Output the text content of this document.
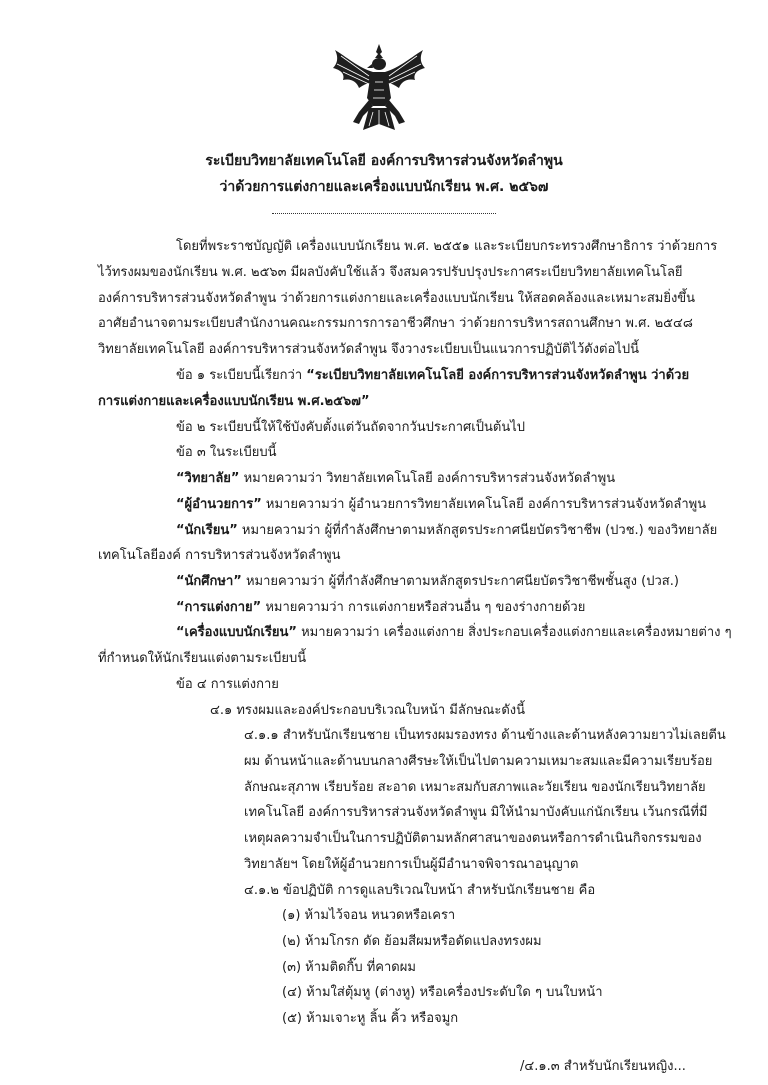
ระเบียบวิทยาลัยเทคโนโลยี องค์การบริหารส่วนจังหวัดลำพูน
ว่าด้วยการแต่งกายและเครื่องแบบนักเรียน พ.ศ. ๒๕๖๗
โดยที่พระราชบัญญัติ เครื่องแบบนักเรียน พ.ศ. ๒๕๕๑ และระเบียบกระทรวงศึกษาธิการ ว่าด้วยการ
ไว้ทรงผมของนักเรียน พ.ศ. ๒๕๖๓ มีผลบังคับใช้แล้ว จึงสมควรปรับปรุงประกาศระเบียบวิทยาลัยเทคโนโลยี
องค์การบริหารส่วนจังหวัดลำพูน ว่าด้วยการแต่งกายและเครื่องแบบนักเรียน ให้สอดคล้องและเหมาะสมยิ่งขึ้น
อาศัยอำนาจตามระเบียบสำนักงานคณะกรรมการการอาชีวศึกษา ว่าด้วยการบริหารสถานศึกษา พ.ศ. ๒๕๔๘
วิทยาลัยเทคโนโลยี องค์การบริหารส่วนจังหวัดลำพูน จึงวางระเบียบเป็นแนวการปฏิบัติไว้ดังต่อไปนี้
ข้อ ๑ ระเบียบนี้เรียกว่า “ระเบียบวิทยาลัยเทคโนโลยี องค์การบริหารส่วนจังหวัดลำพูน ว่าด้วย
การแต่งกายและเครื่องแบบนักเรียน พ.ศ.๒๕๖๗”
ข้อ ๒ ระเบียบนี้ให้ใช้บังคับตั้งแต่วันถัดจากวันประกาศเป็นต้นไป
ข้อ ๓ ในระเบียบนี้
“วิทยาลัย” หมายความว่า วิทยาลัยเทคโนโลยี องค์การบริหารส่วนจังหวัดลำพูน
“ผู้อำนวยการ” หมายความว่า ผู้อำนวยการวิทยาลัยเทคโนโลยี องค์การบริหารส่วนจังหวัดลำพูน
“นักเรียน” หมายความว่า ผู้ที่กำลังศึกษาตามหลักสูตรประกาศนียบัตรวิชาชีพ (ปวช.) ของวิทยาลัย
เทคโนโลยีองค์ การบริหารส่วนจังหวัดลำพูน
“นักศึกษา” หมายความว่า ผู้ที่กำลังศึกษาตามหลักสูตรประกาศนียบัตรวิชาชีพชั้นสูง (ปวส.)
“การแต่งกาย” หมายความว่า การแต่งกายหรือส่วนอื่น ๆ ของร่างกายด้วย
“เครื่องแบบนักเรียน” หมายความว่า เครื่องแต่งกาย สิ่งประกอบเครื่องแต่งกายและเครื่องหมายต่าง ๆ
ที่กำหนดให้นักเรียนแต่งตามระเบียบนี้
ข้อ ๔ การแต่งกาย
๔.๑ ทรงผมและองค์ประกอบบริเวณใบหน้า มีลักษณะดังนี้
๔.๑.๑ สำหรับนักเรียนชาย เป็นทรงผมรองทรง ด้านข้างและด้านหลังความยาวไม่เลยตีน
ผม ด้านหน้าและด้านบนกลางศีรษะให้เป็นไปตามความเหมาะสมและมีความเรียบร้อย
ลักษณะสุภาพ เรียบร้อย สะอาด เหมาะสมกับสภาพและวัยเรียน ของนักเรียนวิทยาลัย
เทคโนโลยี องค์การบริหารส่วนจังหวัดลำพูน มิให้นำมาบังคับแก่นักเรียน เว้นกรณีที่มี
เหตุผลความจำเป็นในการปฏิบัติตามหลักศาสนาของตนหรือการดำเนินกิจกรรมของ
วิทยาลัยฯ โดยให้ผู้อำนวยการเป็นผู้มีอำนาจพิจารณาอนุญาต
๔.๑.๒ ข้อปฏิบัติ การดูแลบริเวณใบหน้า สำหรับนักเรียนชาย คือ
(๑) ห้ามไว้จอน หนวดหรือเครา
(๒) ห้ามโกรก ดัด ย้อมสีผมหรือดัดแปลงทรงผม
(๓) ห้ามติดกิ๊บ ที่คาดผม
(๔) ห้ามใส่ตุ้มหู (ต่างหู) หรือเครื่องประดับใด ๆ บนใบหน้า
(๕) ห้ามเจาะหู ลิ้น คิ้ว หรือจมูก
/๔.๑.๓ สำหรับนักเรียนหญิง...
